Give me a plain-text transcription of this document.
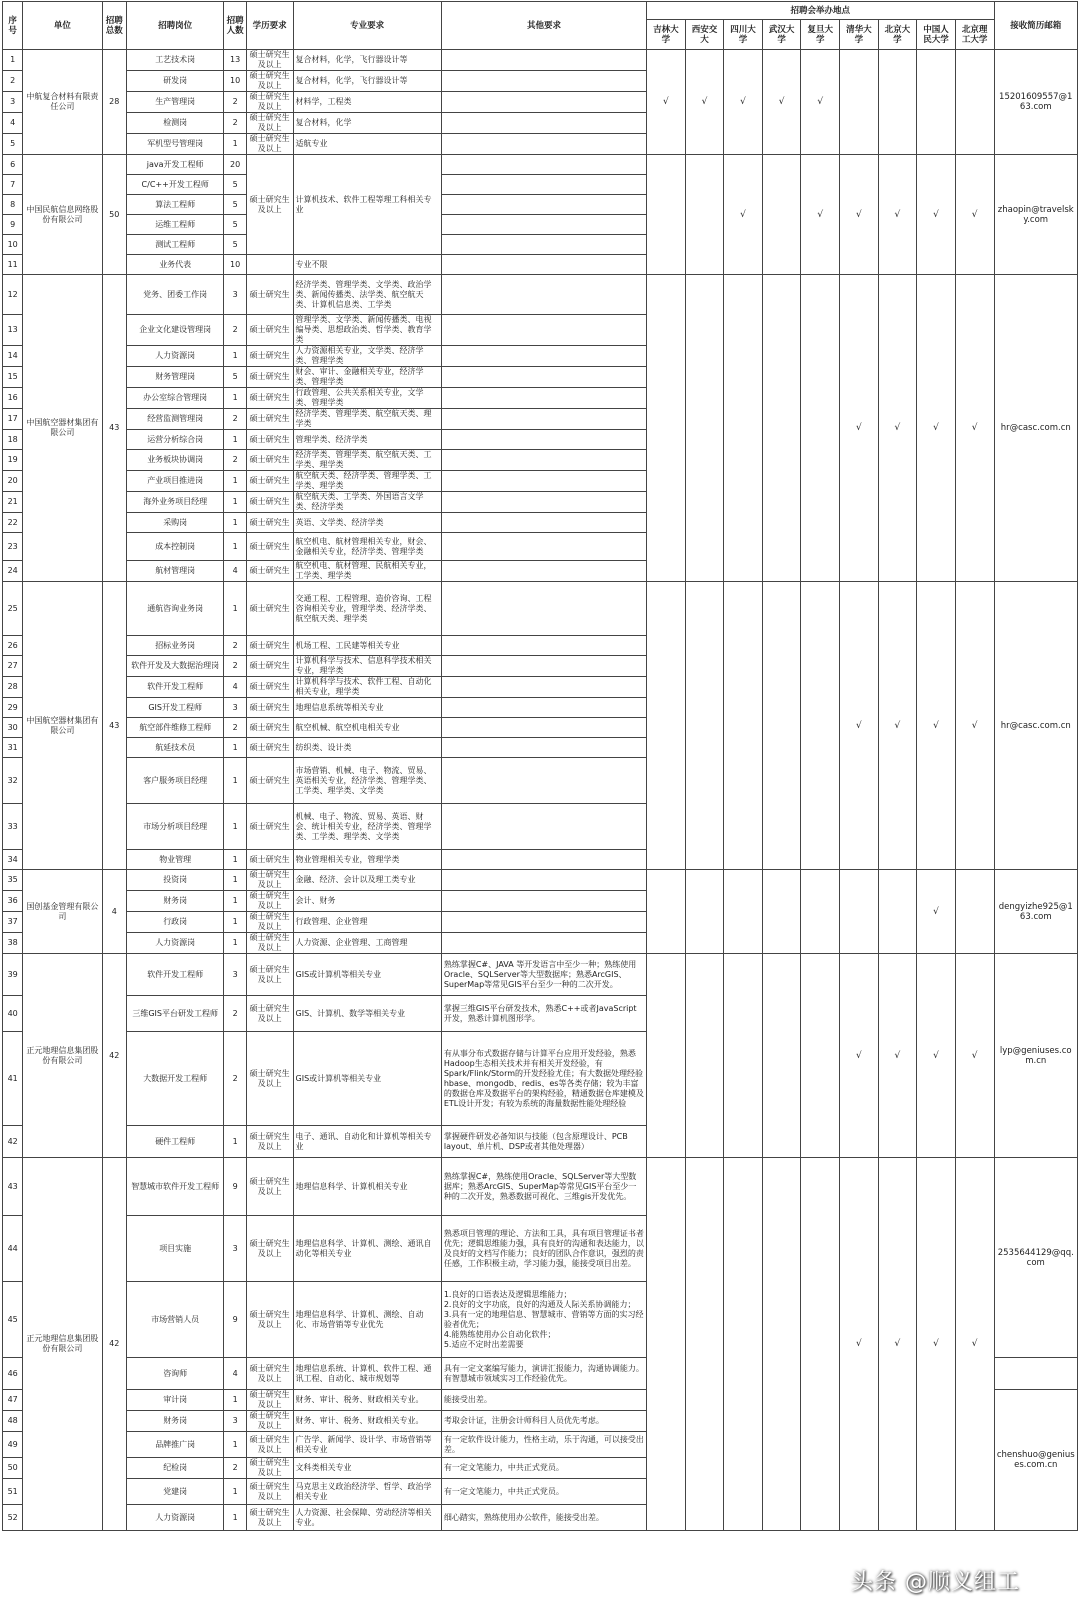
序号	单位	招聘总数	招聘岗位	招聘人数	学历要求	专业要求	其他要求	招聘会举办地点									接收简历邮箱
								吉林大学	西安交大	四川大学	武汉大学	复旦大学	清华大学	北京大学	中国人民大学	北京理工大学	
1	中航复合材料有限责任公司	28	工艺技术岗	13	硕士研究生及以上	复合材料，化学，飞行器设计等		√	√	√	√	√					15201609557@163.com
2			研发岗	10	硕士研究生及以上	复合材料，化学，飞行器设计等											
3			生产管理岗	2	硕士研究生及以上	材料学，工程类											
4			检测岗	2	硕士研究生及以上	复合材料，化学											
5			军机型号管理岗	1	硕士研究生及以上	适航专业											
6	中国民航信息网络股份有限公司	50	java开发工程师	20	硕士研究生及以上	计算机技术、软件工程等理工科相关专业				√		√	√	√	√	√	zhaopin@travelsky.com
7			C/C++开发工程师	5													
8			算法工程师	5													
9			运维工程师	5													
10			测试工程师	5													
11			业务代表	10		专业不限											
12	中国航空器材集团有限公司	43	党务、团委工作岗	3	硕士研究生	经济学类、管理学类、文学类、政治学类、新闻传播类、法学类、航空航天类、计算机信息类、工学类							√	√	√	√	hr@casc.com.cn
13			企业文化建设管理岗	2	硕士研究生	管理学类、文学类、新闻传播类、电视编导类、思想政治类、哲学类、教育学类											
14			人力资源岗	1	硕士研究生	人力资源相关专业，文学类、经济学类、管理学类											
15			财务管理岗	5	硕士研究生	财会、审计、金融相关专业，经济学类、管理学类											
16			办公室综合管理岗	1	硕士研究生	行政管理、公共关系相关专业，文学类、管理学类											
17			经营监测管理岗	2	硕士研究生	经济学类、管理学类、航空航天类、理学类											
18			运营分析综合岗	1	硕士研究生	管理学类、经济学类											
19			业务板块协调岗	2	硕士研究生	经济学类、管理学类、航空航天类、工学类、理学类											
20			产业项目推进岗	1	硕士研究生	航空航天类、经济学类、管理学类、工学类、理学类											
21			海外业务项目经理	1	硕士研究生	航空航天类、工学类、外国语言文学类、经济学类											
22			采购岗	1	硕士研究生	英语、文学类、经济学类											
23			成本控制岗	1	硕士研究生	航空机电、航材管理相关专业，财会、金融相关专业，经济学类、管理学类											
24			航材管理岗	4	硕士研究生	航空机电、航材管理、民航相关专业，工学类、理学类											
25	中国航空器材集团有限公司	43	通航咨询业务岗	1	硕士研究生	交通工程、工程管理、造价咨询、工程咨询相关专业，管理学类、经济学类、航空航天类、理学类							√	√	√	√	hr@casc.com.cn
26			招标业务岗	2	硕士研究生	机场工程、工民建等相关专业											
27			软件开发及大数据治理岗	2	硕士研究生	计算机科学与技术、信息科学技术相关专业，理学类											
28			软件开发工程师	4	硕士研究生	计算机科学与技术、软件工程、自动化相关专业，理学类											
29			GIS开发工程师	3	硕士研究生	地理信息系统等相关专业											
30			航空部件维修工程师	2	硕士研究生	航空机械、航空机电相关专业											
31			航延技术员	1	硕士研究生	纺织类、设计类											
32			客户服务项目经理	1	硕士研究生	市场营销、机械、电子、物流、贸易、英语相关专业，经济学类、管理学类、工学类、理学类、文学类											
33			市场分析项目经理	1	硕士研究生	机械、电子、物流、贸易、英语、财会、统计相关专业，经济学类、管理学类、工学类、理学类、文学类											
34			物业管理	1	硕士研究生	物业管理相关专业，管理学类											
35	国创基金管理有限公司	4	投资岗	1	硕士研究生及以上	金融、经济、会计以及理工类专业									√		dengyizhe925@163.com
36			财务岗	1	硕士研究生及以上	会计、财务											
37			行政岗	1	硕士研究生及以上	行政管理、企业管理											
38			人力资源岗	1	硕士研究生及以上	人力资源、企业管理、工商管理											
39	正元地理信息集团股份有限公司	42	软件开发工程师	3	硕士研究生及以上	GIS或计算机等相关专业	熟练掌握C#、JAVA 等开发语言中至少一种；熟练使用Oracle、SQLServer等大型数据库；熟悉ArcGIS、SuperMap等常见GIS平台至少一种的二次开发。						√	√	√	√	lyp@geniuses.com.cn
40			三维GIS平台研发工程师	2	硕士研究生及以上	GIS、计算机、数学等相关专业	掌握三维GIS平台研发技术，熟悉C++或者JavaScript开发，熟悉计算机图形学。										
41			大数据开发工程师	2	硕士研究生及以上	GIS或计算机等相关专业	有从事分布式数据存储与计算平台应用开发经验，熟悉Hadoop生态相关技术并有相关开发经验，有Spark/Flink/Storm的开发经验尤佳；有大数据处理经验hbase、mongodb、redis、es等各类存储；较为丰富的数据仓库及数据平台的架构经验，精通数据仓库建模及ETL设计开发；有较为系统的海量数据性能处理经验										
42			硬件工程师	1	硕士研究生及以上	电子、通讯、自动化和计算机等相关专业	掌握硬件研发必备知识与技能（包含原理设计、PCB layout、单片机、DSP或者其他处理器）										
43	正元地理信息集团股份有限公司	42	智慧城市软件开发工程师	9	硕士研究生及以上	地理信息科学、计算机相关专业	熟练掌握C#，熟练使用Oracle、SQLServer等大型数据库；熟悉ArcGIS、SuperMap等常见GIS平台至少一种的二次开发，熟悉数据可视化、三维gis开发优先。						√	√	√	√	2535644129@qq.com
44			项目实施	3	硕士研究生及以上	地理信息科学、计算机、测绘、通讯自动化等相关专业	熟悉项目管理的理论、方法和工具，具有项目管理证书者优先；逻辑思维能力强，具有良好的沟通和表达能力，以及良好的文档写作能力；良好的团队合作意识，强烈的责任感，工作积极主动，学习能力强，能接受项目出差。										
45			市场营销人员	9	硕士研究生及以上	地理信息科学、计算机、测绘、自动化、市场营销等专业优先	1.良好的口语表达及逻辑思维能力；
2.良好的文字功底，良好的沟通及人际关系协调能力；
3.具有一定的地理信息、智慧城市、营销等方面的实习经验者优先；
4.能熟练使用办公自动化软件；
5.适应不定时出差需要										
46			咨询师	4	硕士研究生及以上	地理信息系统、计算机、软件工程、通讯工程、自动化、城市规划等	具有一定文案编写能力，演讲汇报能力，沟通协调能力。有智慧城市领域实习工作经验优先。										
47			审计岗	1	硕士研究生及以上	财务、审计、税务、财政相关专业。	能接受出差。										chenshuo@geniuses.com.cn
48			财务岗	3	硕士研究生及以上	财务、审计、税务、财政相关专业。	考取会计证，注册会计师科目人员优先考虑。										
49			品牌推广岗	1	硕士研究生及以上	广告学、新闻学、设计学、市场营销等相关专业	有一定软件设计能力，性格主动，乐于沟通，可以接受出差。										
50			纪检岗	2	硕士研究生及以上	文科类相关专业	有一定文笔能力，中共正式党员。										
51			党建岗	1	硕士研究生及以上	马克思主义政治经济学、哲学、政治学相关专业	有一定文笔能力，中共正式党员。										
52			人力资源岗	1	硕士研究生及以上	人力资源、社会保障、劳动经济等相关专业。	细心踏实，熟练使用办公软件，能接受出差。										
头条 @顺义组工
